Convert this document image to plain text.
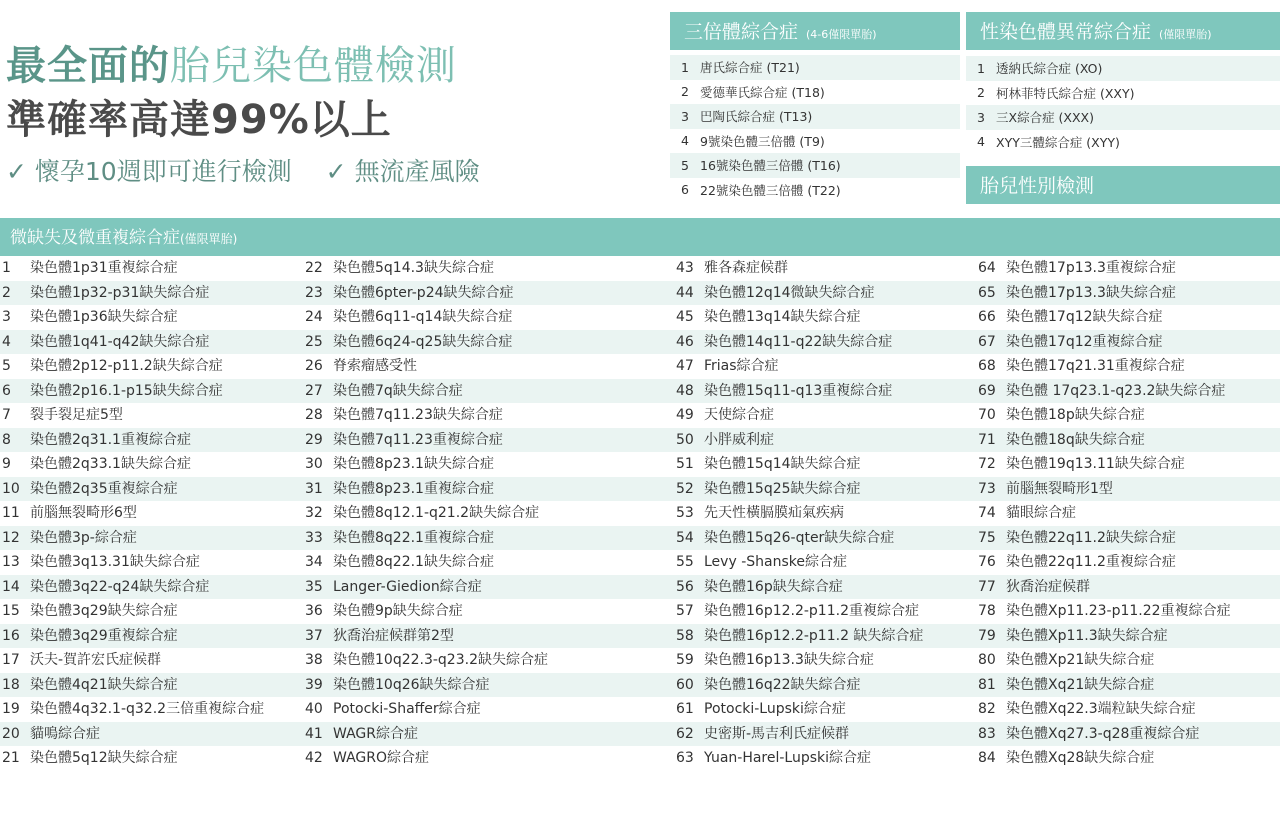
最全面的胎兒染色體檢測
準確率高達99%以上
✓ 懷孕10週即可進行檢測 ✓ 無流產風險
三倍體綜合症 (4-6僅限單胎)
1 唐氏綜合症 (T21)
2 愛德華氏綜合症 (T18)
3 巴陶氏綜合症 (T13)
4 9號染色體三倍體 (T9)
5 16號染色體三倍體 (T16)
6 22號染色體三倍體 (T22)
性染色體異常綜合症 (僅限單胎)
1 透納氏綜合症 (XO)
2 柯林菲特氏綜合症 (XXY)
3 三X綜合症 (XXX)
4 XYY三體綜合症 (XYY)
胎兒性別檢測
微缺失及微重複綜合症(僅限單胎)
1 染色體1p31重複綜合症	22 染色體5q14.3缺失綜合症	43 雅各森症候群	64 染色體17p13.3重複綜合症
2 染色體1p32-p31缺失綜合症	23 染色體6pter-p24缺失綜合症	44 染色體12q14微缺失綜合症	65 染色體17p13.3缺失綜合症
3 染色體1p36缺失綜合症	24 染色體6q11-q14缺失綜合症	45 染色體13q14缺失綜合症	66 染色體17q12缺失綜合症
4 染色體1q41-q42缺失綜合症	25 染色體6q24-q25缺失綜合症	46 染色體14q11-q22缺失綜合症	67 染色體17q12重複綜合症
5 染色體2p12-p11.2缺失綜合症	26 脊索瘤感受性	47 Frias綜合症	68 染色體17q21.31重複綜合症
6 染色體2p16.1-p15缺失綜合症	27 染色體7q缺失綜合症	48 染色體15q11-q13重複綜合症	69 染色體 17q23.1-q23.2缺失綜合症
7 裂手裂足症5型	28 染色體7q11.23缺失綜合症	49 天使綜合症	70 染色體18p缺失綜合症
8 染色體2q31.1重複綜合症	29 染色體7q11.23重複綜合症	50 小胖威利症	71 染色體18q缺失綜合症
9 染色體2q33.1缺失綜合症	30 染色體8p23.1缺失綜合症	51 染色體15q14缺失綜合症	72 染色體19q13.11缺失綜合症
10 染色體2q35重複綜合症	31 染色體8p23.1重複綜合症	52 染色體15q25缺失綜合症	73 前腦無裂畸形1型
11 前腦無裂畸形6型	32 染色體8q12.1-q21.2缺失綜合症	53 先天性橫膈膜疝氣疾病	74 貓眼綜合症
12 染色體3p-綜合症	33 染色體8q22.1重複綜合症	54 染色體15q26-qter缺失綜合症	75 染色體22q11.2缺失綜合症
13 染色體3q13.31缺失綜合症	34 染色體8q22.1缺失綜合症	55 Levy -Shanske綜合症	76 染色體22q11.2重複綜合症
14 染色體3q22-q24缺失綜合症	35 Langer-Giedion綜合症	56 染色體16p缺失綜合症	77 狄喬治症候群
15 染色體3q29缺失綜合症	36 染色體9p缺失綜合症	57 染色體16p12.2-p11.2重複綜合症	78 染色體Xp11.23-p11.22重複綜合症
16 染色體3q29重複綜合症	37 狄喬治症候群第2型	58 染色體16p12.2-p11.2 缺失綜合症	79 染色體Xp11.3缺失綜合症
17 沃夫-賀許宏氏症候群	38 染色體10q22.3-q23.2缺失綜合症	59 染色體16p13.3缺失綜合症	80 染色體Xp21缺失綜合症
18 染色體4q21缺失綜合症	39 染色體10q26缺失綜合症	60 染色體16q22缺失綜合症	81 染色體Xq21缺失綜合症
19 染色體4q32.1-q32.2三倍重複綜合症	40 Potocki-Shaffer綜合症	61 Potocki-Lupski綜合症	82 染色體Xq22.3端粒缺失綜合症
20 貓鳴綜合症	41 WAGR綜合症	62 史密斯-馬吉利氏症候群	83 染色體Xq27.3-q28重複綜合症
21 染色體5q12缺失綜合症	42 WAGRO綜合症	63 Yuan-Harel-Lupski綜合症	84 染色體Xq28缺失綜合症
